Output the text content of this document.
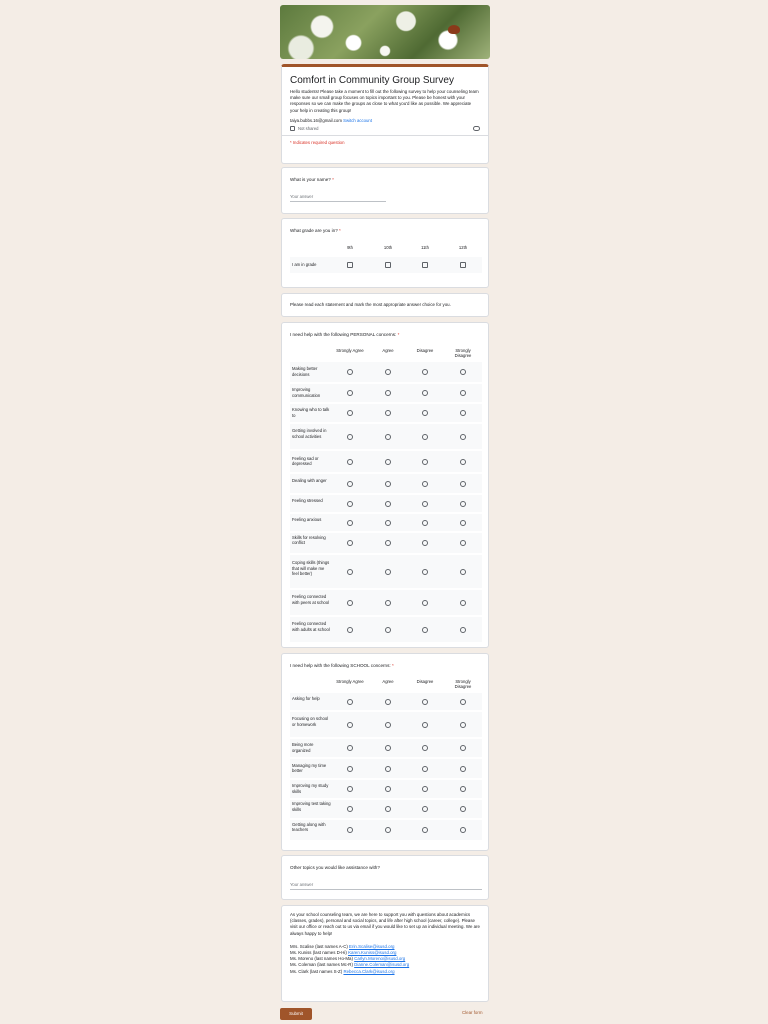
Comfort in Community Group Survey
Hello students! Please take a moment to fill out the following survey to help your counseling team make sure our small group focuses on topics important to you. Please be honest with your responses so we can make the groups as close to what you'd like as possible. We appreciate your help in creating this group!
taiya.bubbs.16@gmail.com Switch account
Not shared
* Indicates required question
What is your name? *
Your answer
What grade are you in? *
9th	10th	11th	12th
I am in grade
Please read each statement and mark the most appropriate answer choice for you.
I need help with the following PERSONAL concerns: *
Strongly Agree	Agree	Disagree	Strongly Disagree
Making better decisions
Improving communication
Knowing who to talk to
Getting involved in school activities
Feeling sad or depressed
Dealing with anger
Feeling stressed
Feeling anxious
Skills for resolving conflict
Coping skills (things that will make me feel better)
Feeling connected with peers at school
Feeling connected with adults at school
I need help with the following SCHOOL concerns: *
Strongly Agree	Agree	Disagree	Strongly Disagree
Asking for help
Focusing on school or homework
Being more organized
Managing my time better
Improving my study skills
Improving test taking skills
Getting along with teachers
Other topics you would like assistance with?
Your answer
As your school counseling team, we are here to support you with questions about academics (classes, grades), personal and social topics, and life after high school (career, college). Please visit our office or reach out to us via email if you would like to set up an individual meeting. We are always happy to help!
Mrs. Scalise (last names A-C) Erin.Scalise@isusd.org
Ms. Kuniss (last names D-Hi) Karen.Kuniss@isusd.org
Ms. Moreno (last names Ho-Ma) Carlyn.Moreno@isusd.org
Ms. Coleman (last names Mc-R) Dianne.Coleman@isusd.org
Ms. Clark (last names S-Z) Rebecca.Clark@isusd.org
Submit	Clear form
